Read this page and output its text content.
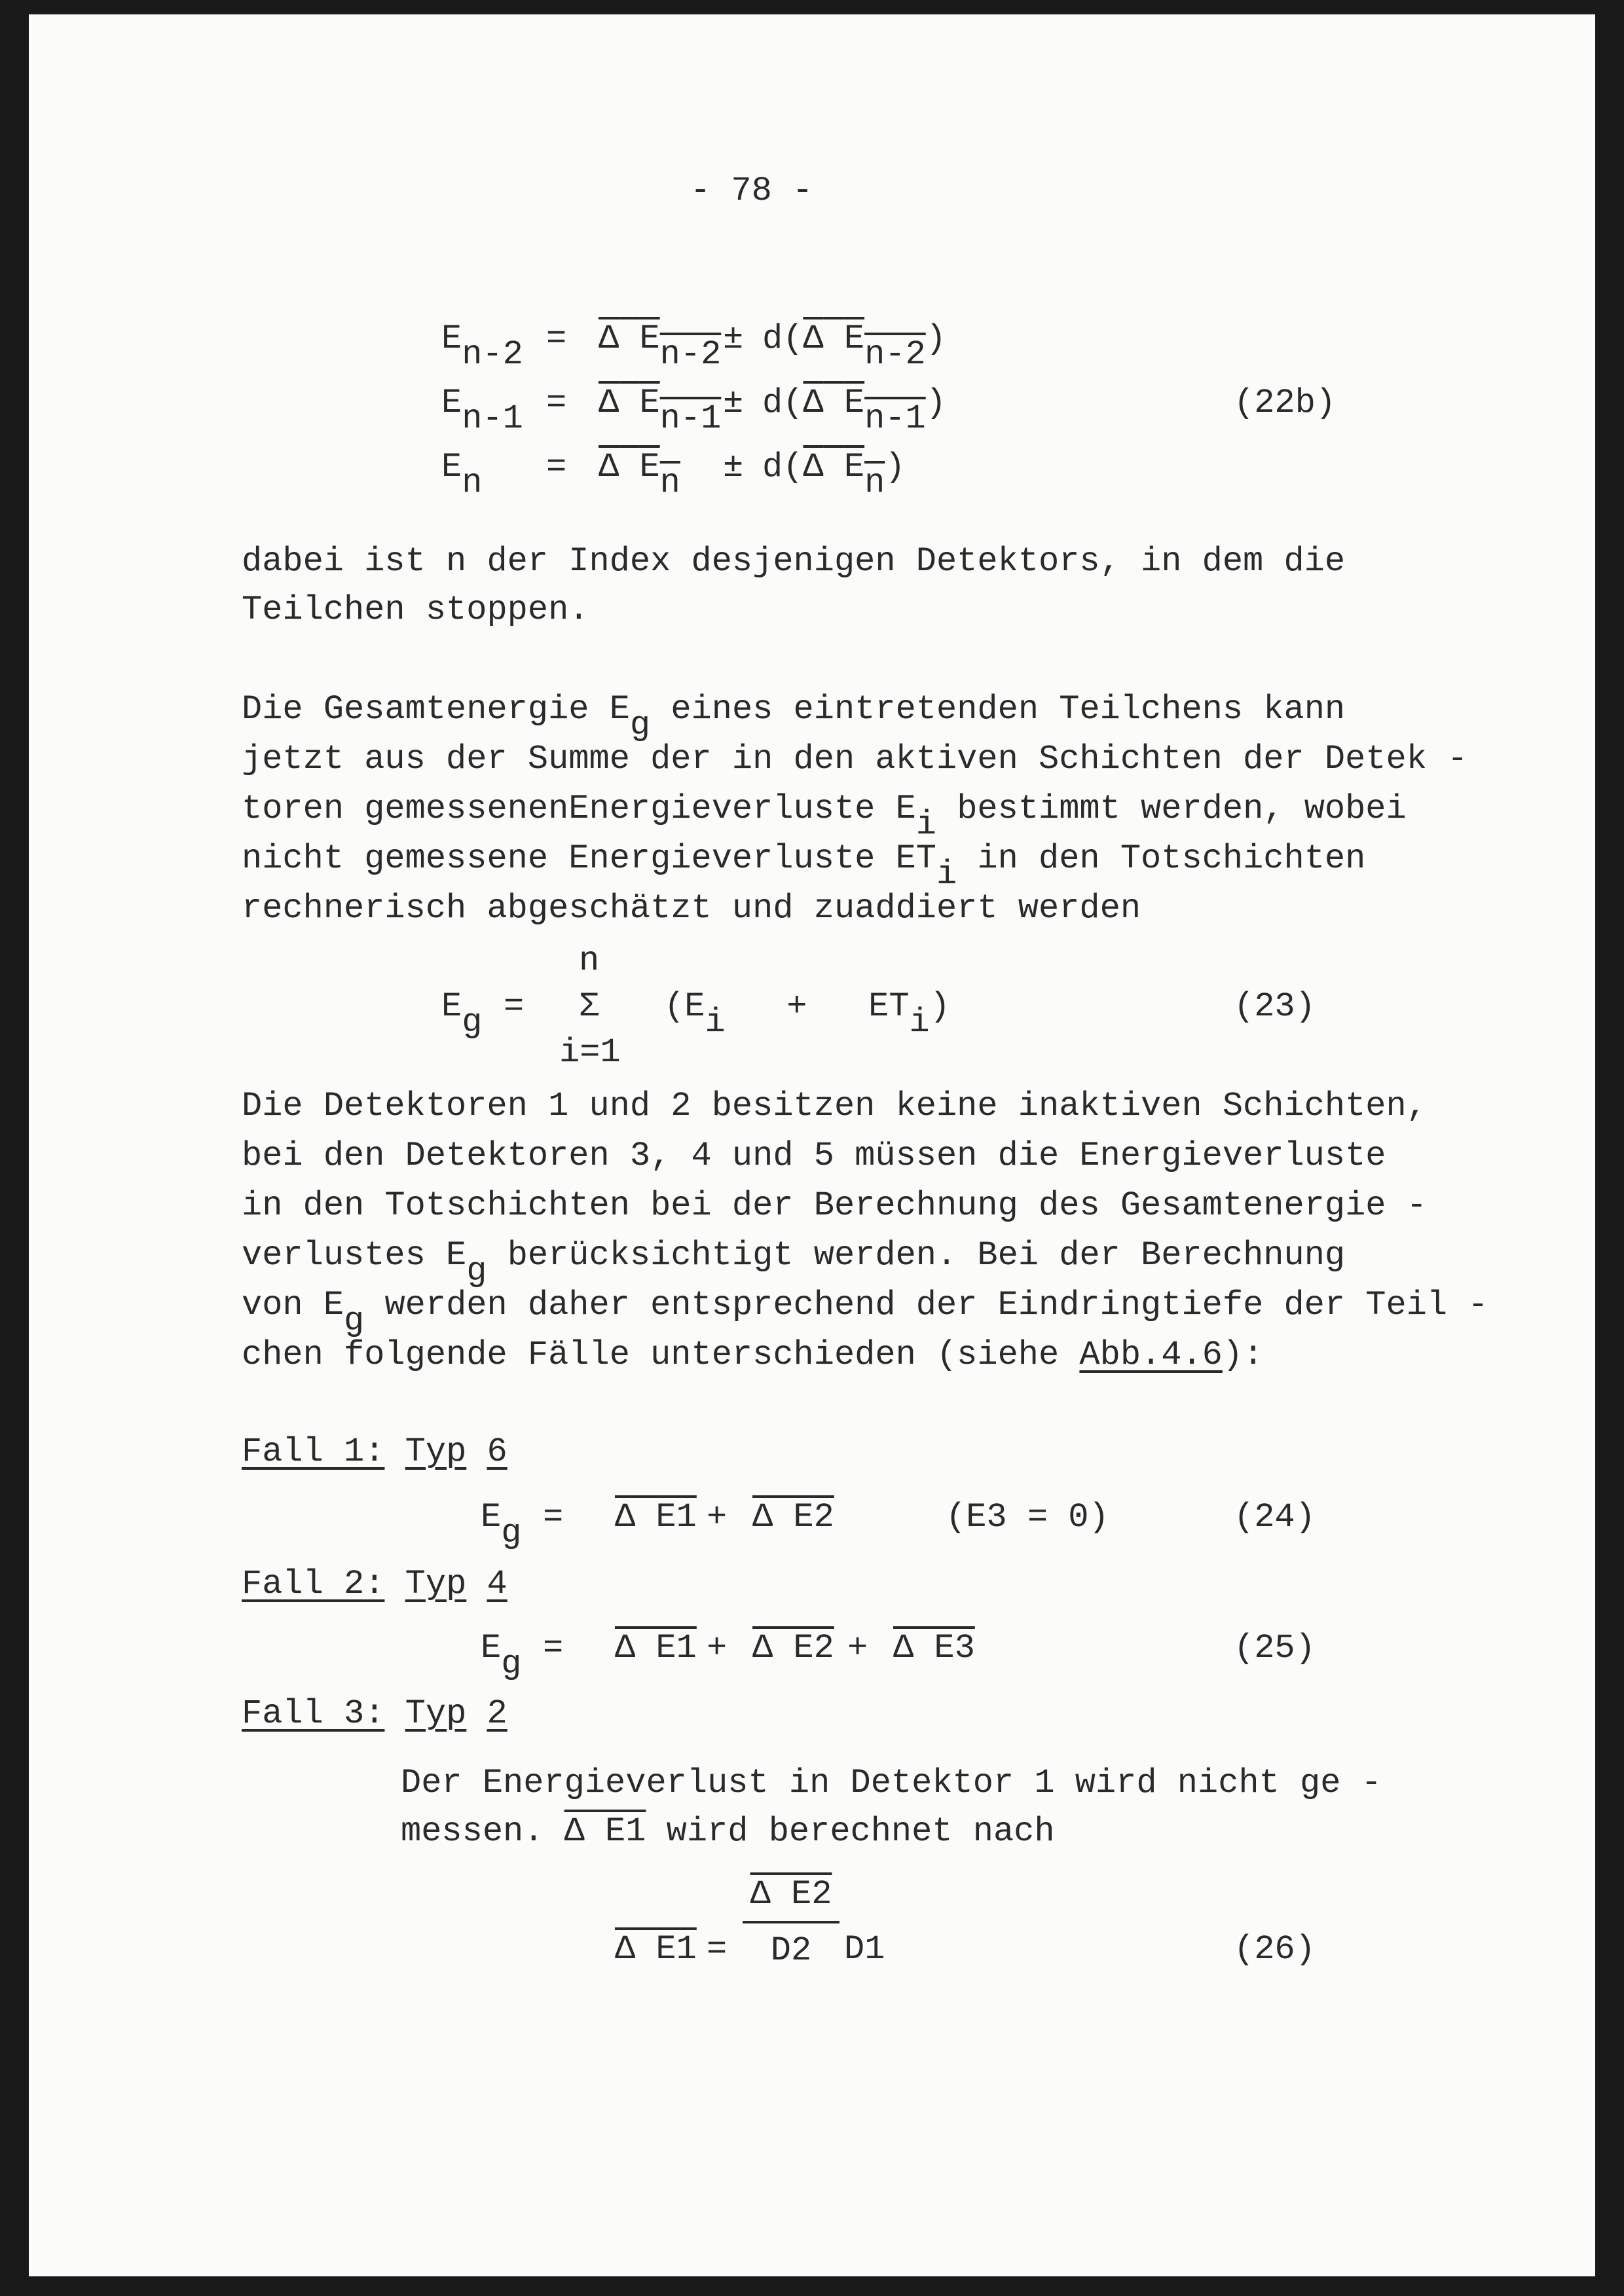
- 78 -
En-2 = Δ En-2 ± d(Δ En-2)
En-1 = Δ En-1 ± d(Δ En-1)	(22b)
En = Δ En ± d(Δ En)
dabei ist n der Index desjenigen Detektors, in dem die
Teilchen stoppen.
Die Gesamtenergie Eg eines eintretenden Teilchens kann
jetzt aus der Summe der in den aktiven Schichten der Detek -
toren gemessenenEnergieverluste Ei bestimmt werden, wobei
nicht gemessene Energieverluste ETi in den Totschichten
rechnerisch abgeschätzt und zuaddiert werden
Eg =
n
Σ
i=1
(Ei + ETi)	(23)
Die Detektoren 1 und 2 besitzen keine inaktiven Schichten,
bei den Detektoren 3, 4 und 5 müssen die Energieverluste
in den Totschichten bei der Berechnung des Gesamtenergie -
verlustes Eg berücksichtigt werden. Bei der Berechnung
von Eg werden daher entsprechend der Eindringtiefe der Teil -
chen folgende Fälle unterschieden (siehe Abb.4.6):
Fall 1: Typ 6
Eg = Δ E1 + Δ E2	(E3 = 0)	(24)
Fall 2: Typ 4
Eg = Δ E1 + Δ E2 + Δ E3	(25)
Fall 3: Typ 2
Der Energieverlust in Detektor 1 wird nicht ge -
messen. Δ E1 wird berechnet nach
Δ E1 =
Δ E2
D2 D1	(26)
